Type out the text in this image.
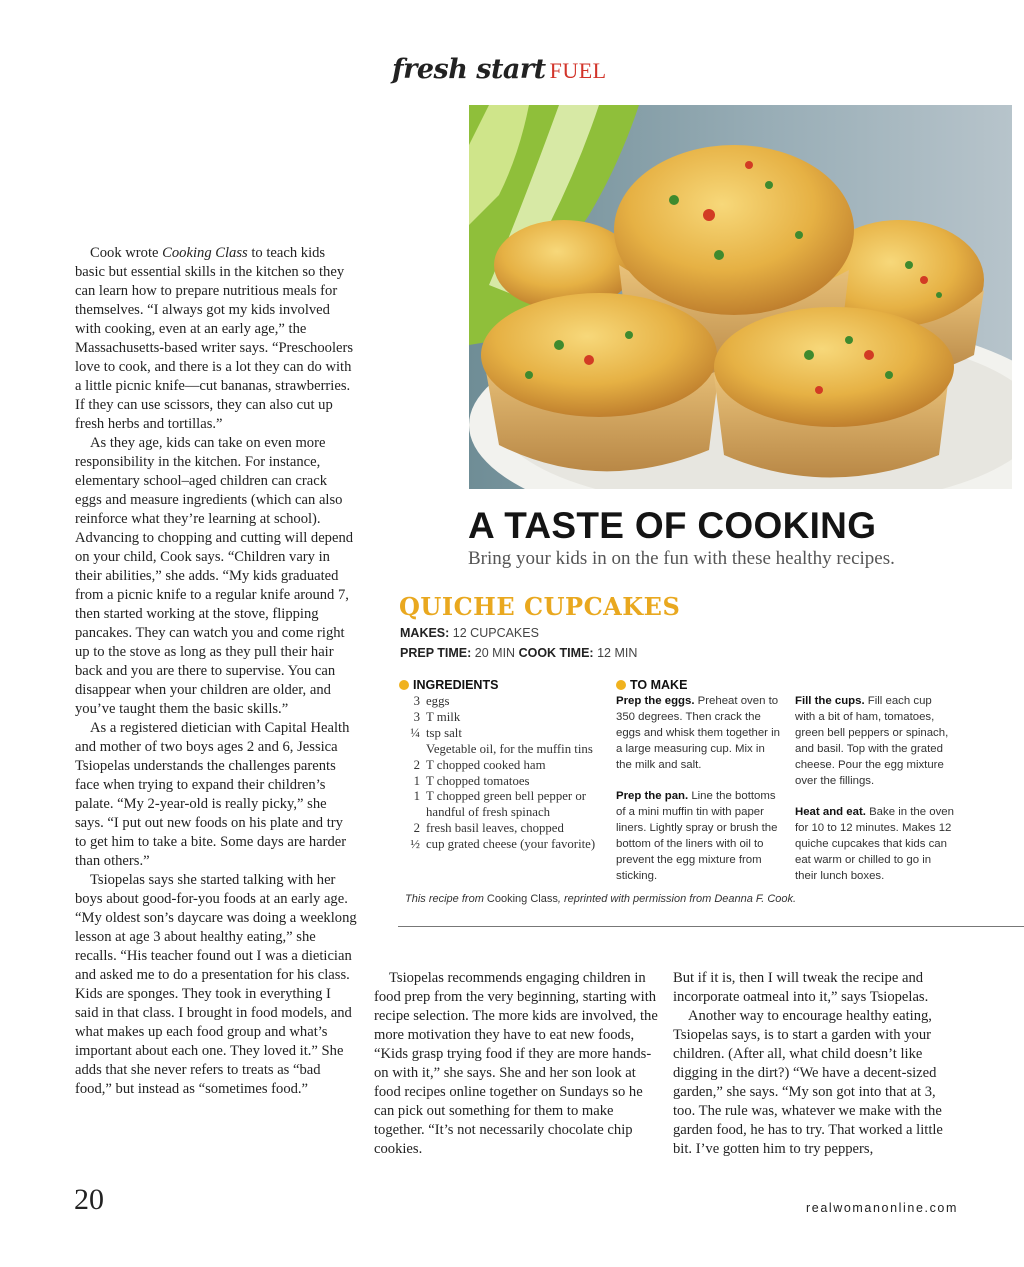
fresh start FUEL

Cook wrote Cooking Class to teach kids basic but essential skills in the kitchen so they can learn how to prepare nutritious meals for themselves. “I always got my kids involved with cooking, even at an early age,” the Massachusetts-based writer says. “Preschoolers love to cook, and there is a lot they can do with a little picnic knife—cut bananas, strawberries. If they can use scissors, they can also cut up fresh herbs and tortillas.”

As they age, kids can take on even more responsibility in the kitchen. For instance, elementary school–aged children can crack eggs and measure ingredients (which can also reinforce what they’re learning at school). Advancing to chopping and cutting will depend on your child, Cook says. “Children vary in their abilities,” she adds. “My kids graduated from a picnic knife to a regular knife around 7, then started working at the stove, flipping pancakes. They can watch you and come right up to the stove as long as they pull their hair back and you are there to supervise. You can disappear when your children are older, and you’ve taught them the basic skills.”

As a registered dietician with Capital Health and mother of two boys ages 2 and 6, Jessica Tsiopelas understands the challenges parents face when trying to expand their children’s palate. “My 2-year-old is really picky,” she says. “I put out new foods on his plate and try to get him to take a bite. Some days are harder than others.”

Tsiopelas says she started talking with her boys about good-for-you foods at an early age. “My oldest son’s daycare was doing a weeklong lesson at age 3 about healthy eating,” she recalls. “His teacher found out I was a dietician and asked me to do a presentation for his class. Kids are sponges. They took in everything I said in that class. I brought in food models, and what makes up each food group and what’s important about each one. They loved it.” She adds that she never refers to treats as “bad food,” but instead as “sometimes food.”

A TASTE OF COOKING
Bring your kids in on the fun with these healthy recipes.
QUICHE CUPCAKES
MAKES: 12 CUPCAKES
PREP TIME: 20 MIN COOK TIME: 12 MIN
INGREDIENTS	TO MAKE
3 eggs
3 T milk
¼ tsp salt
Vegetable oil, for the muffin tins
2 T chopped cooked ham
1 T chopped tomatoes
1 T chopped green bell pepper or handful of fresh spinach
2 fresh basil leaves, chopped
½ cup grated cheese (your favorite)

Prep the eggs. Preheat oven to 350 degrees. Then crack the eggs and whisk them together in a large measuring cup. Mix in the milk and salt.

Prep the pan. Line the bottoms of a mini muffin tin with paper liners. Lightly spray or brush the bottom of the liners with oil to prevent the egg mixture from sticking.

Fill the cups. Fill each cup with a bit of ham, tomatoes, green bell peppers or spinach, and basil. Top with the grated cheese. Pour the egg mixture over the fillings.

Heat and eat. Bake in the oven for 10 to 12 minutes. Makes 12 quiche cupcakes that kids can eat warm or chilled to go in their lunch boxes.

This recipe from Cooking Class, reprinted with permission from Deanna F. Cook.

Tsiopelas recommends engaging children in food prep from the very beginning, starting with recipe selection. The more kids are involved, the more motivation they have to eat new foods, “Kids grasp trying food if they are more hands-on with it,” she says. She and her son look at food recipes online together on Sundays so he can pick out something for them to make together. “It’s not necessarily chocolate chip cookies.

But if it is, then I will tweak the recipe and incorporate oatmeal into it,” says Tsiopelas.

Another way to encourage healthy eating, Tsiopelas says, is to start a garden with your children. (After all, what child doesn’t like digging in the dirt?) “We have a decent-sized garden,” she says. “My son got into that at 3, too. The rule was, whatever we make with the garden food, he has to try. That worked a little bit. I’ve gotten him to try peppers,

20	realwomanonline.com
